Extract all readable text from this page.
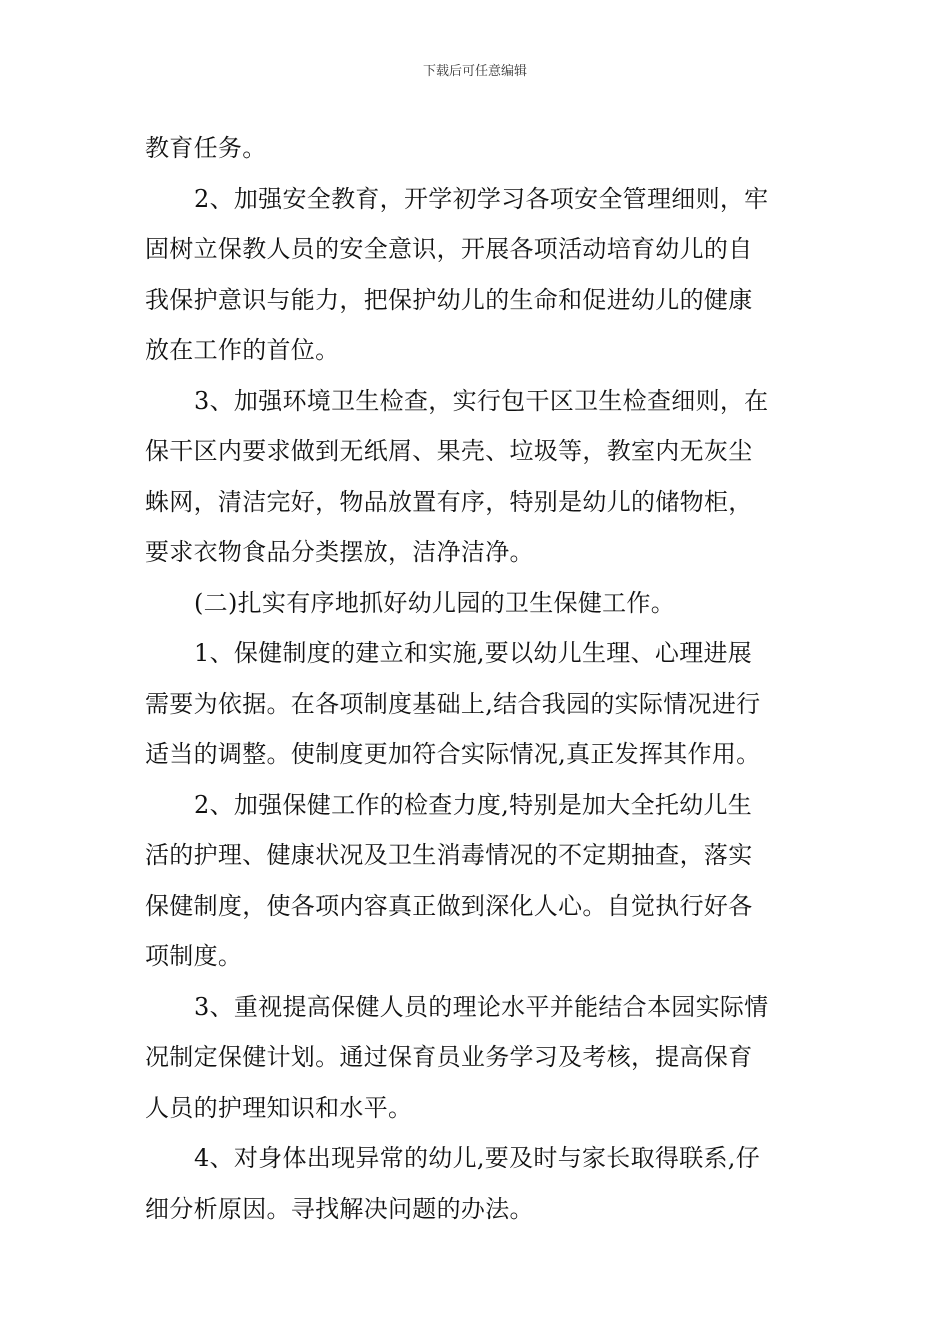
下载后可任意编辑
教育任务。
2、加强安全教育，开学初学习各项安全管理细则，牢
固树立保教人员的安全意识，开展各项活动培育幼儿的自
我保护意识与能力，把保护幼儿的生命和促进幼儿的健康
放在工作的首位。
3、加强环境卫生检查，实行包干区卫生检查细则，在
保干区内要求做到无纸屑、果壳、垃圾等，教室内无灰尘
蛛网，清洁完好，物品放置有序，特别是幼儿的储物柜，
要求衣物食品分类摆放，洁净洁净。
(二)扎实有序地抓好幼儿园的卫生保健工作。
1、保健制度的建立和实施,要以幼儿生理、心理进展
需要为依据。在各项制度基础上,结合我园的实际情况进行
适当的调整。使制度更加符合实际情况,真正发挥其作用。
2、加强保健工作的检查力度,特别是加大全托幼儿生
活的护理、健康状况及卫生消毒情况的不定期抽查，落实
保健制度，使各项内容真正做到深化人心。自觉执行好各
项制度。
3、重视提高保健人员的理论水平并能结合本园实际情
况制定保健计划。通过保育员业务学习及考核，提高保育
人员的护理知识和水平。
4、对身体出现异常的幼儿,要及时与家长取得联系,仔
细分析原因。寻找解决问题的办法。
